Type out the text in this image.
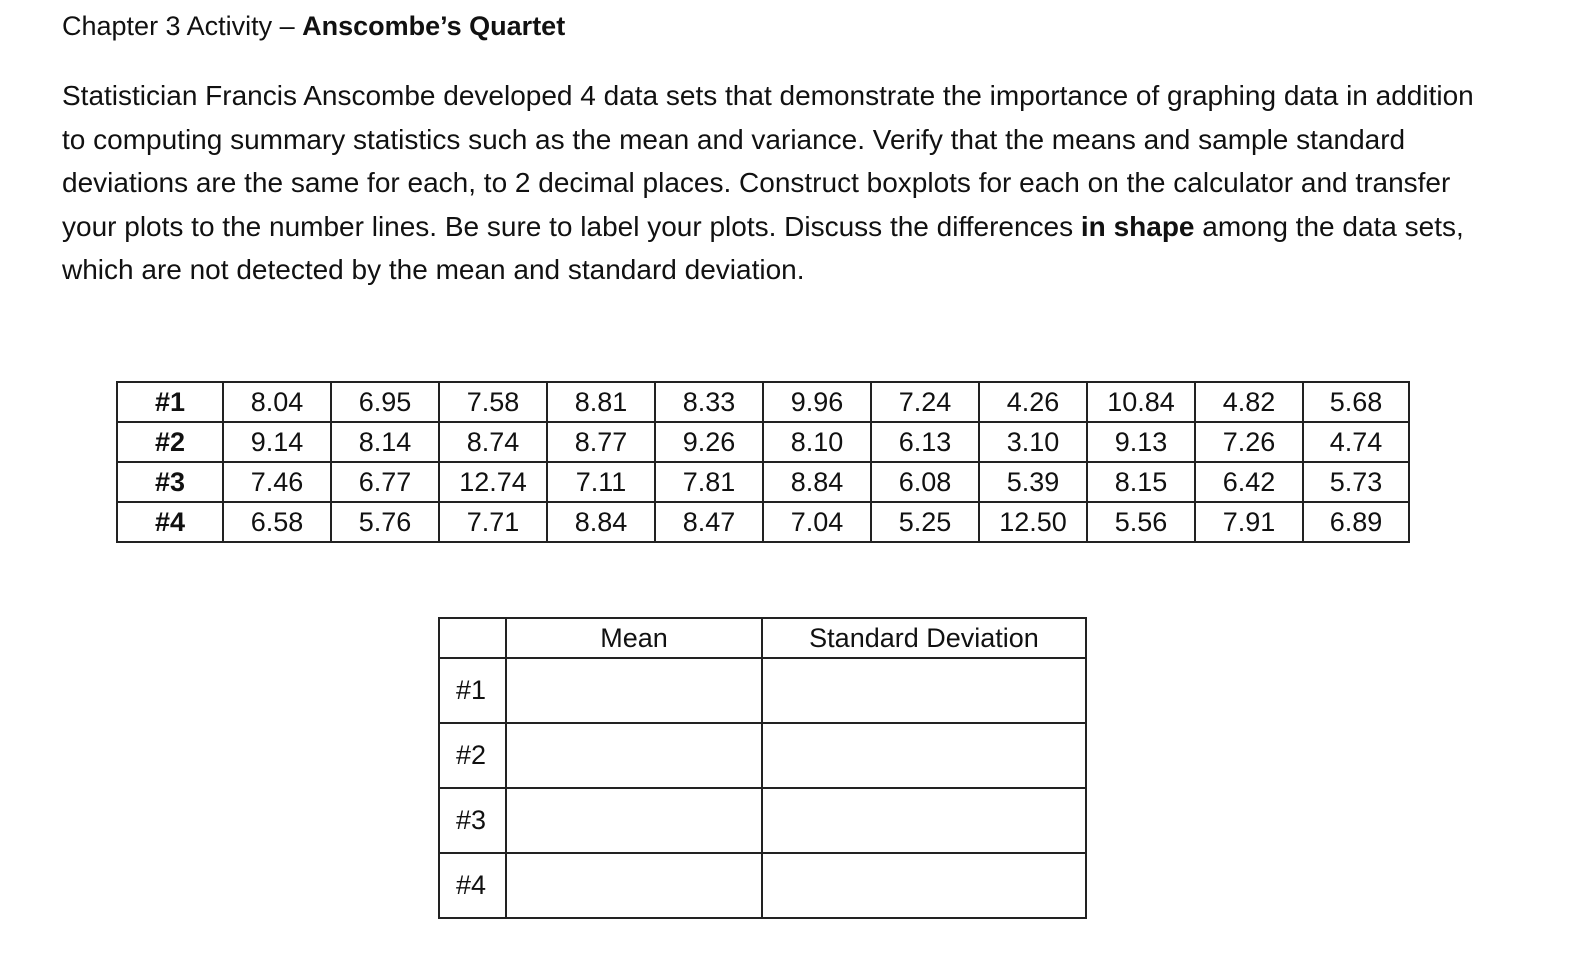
Chapter 3 Activity – Anscombe’s Quartet
Statistician Francis Anscombe developed 4 data sets that demonstrate the importance of graphing data in addition to computing summary statistics such as the mean and variance. Verify that the means and sample standard deviations are the same for each, to 2 decimal places. Construct boxplots for each on the calculator and transfer your plots to the number lines. Be sure to label your plots. Discuss the differences in shape among the data sets, which are not detected by the mean and standard deviation.
#1	8.04	6.95	7.58	8.81	8.33	9.96	7.24	4.26	10.84	4.82	5.68
#2	9.14	8.14	8.74	8.77	9.26	8.10	6.13	3.10	9.13	7.26	4.74
#3	7.46	6.77	12.74	7.11	7.81	8.84	6.08	5.39	8.15	6.42	5.73
#4	6.58	5.76	7.71	8.84	8.47	7.04	5.25	12.50	5.56	7.91	6.89
	Mean	Standard Deviation
#1		
#2		
#3		
#4		
